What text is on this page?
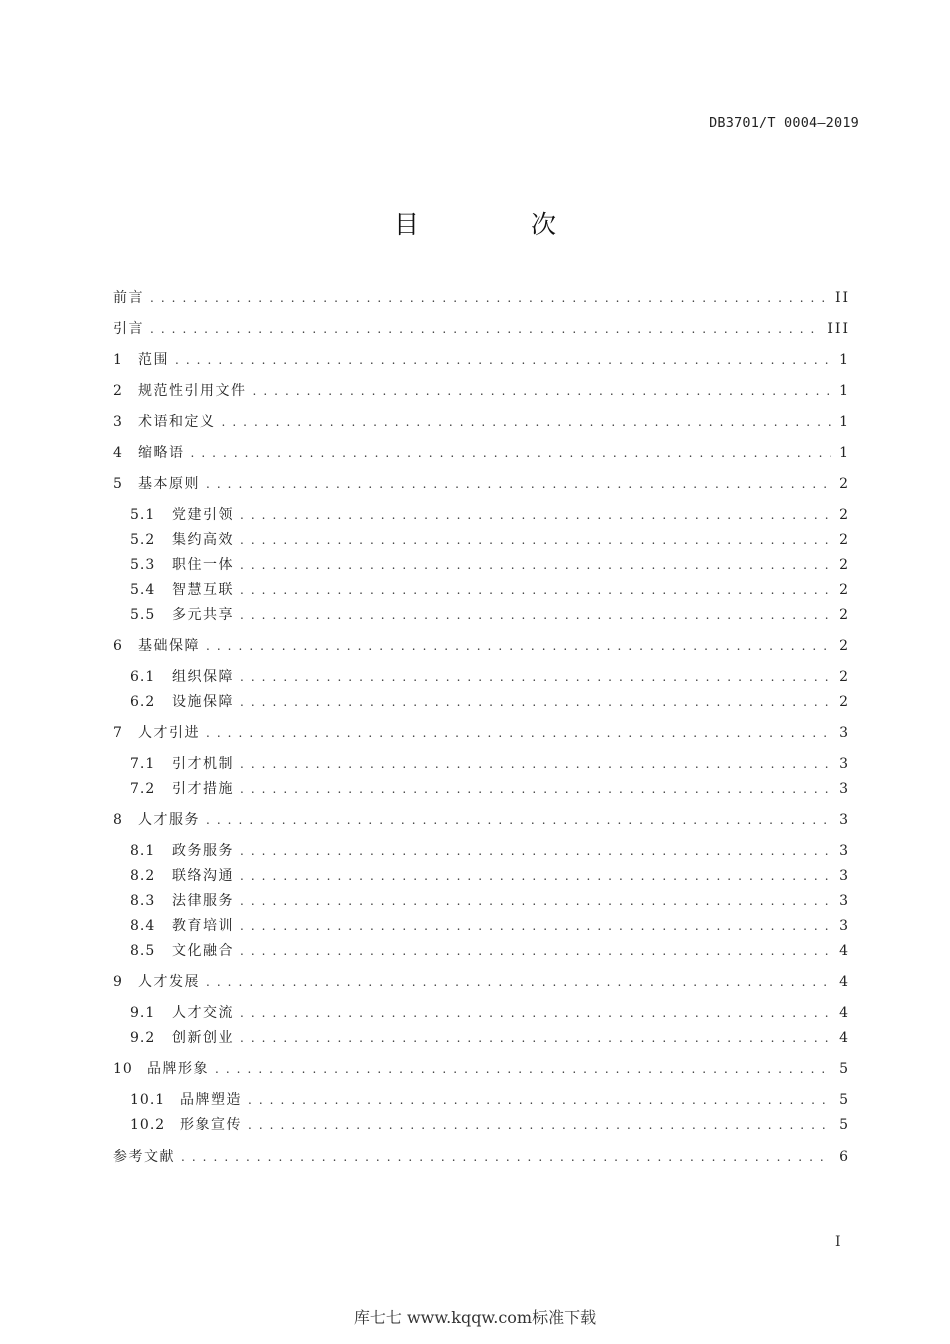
DB3701/T 0004—2019
目 次
前言 . . .	II
引言 . . .	III
1	范围 . . .	1
2	规范性引用文件 . . .	1
3	术语和定义 . . .	1
4	缩略语 . . .	1
5	基本原则 . . .	2
5.1	党建引领 . . .	2
5.2	集约高效 . . .	2
5.3	职住一体 . . .	2
5.4	智慧互联 . . .	2
5.5	多元共享 . . .	2
6	基础保障 . . .	2
6.1	组织保障 . . .	2
6.2	设施保障 . . .	2
7	人才引进 . . .	3
7.1	引才机制 . . .	3
7.2	引才措施 . . .	3
8	人才服务 . . .	3
8.1	政务服务 . . .	3
8.2	联络沟通 . . .	3
8.3	法律服务 . . .	3
8.4	教育培训 . . .	3
8.5	文化融合 . . .	4
9	人才发展 . . .	4
9.1	人才交流 . . .	4
9.2	创新创业 . . .	4
10	品牌形象 . . .	5
10.1	品牌塑造 . . .	5
10.2	形象宣传 . . .	5
参考文献 . . .	6
I
库七七 www.kqqw.com标准下载
